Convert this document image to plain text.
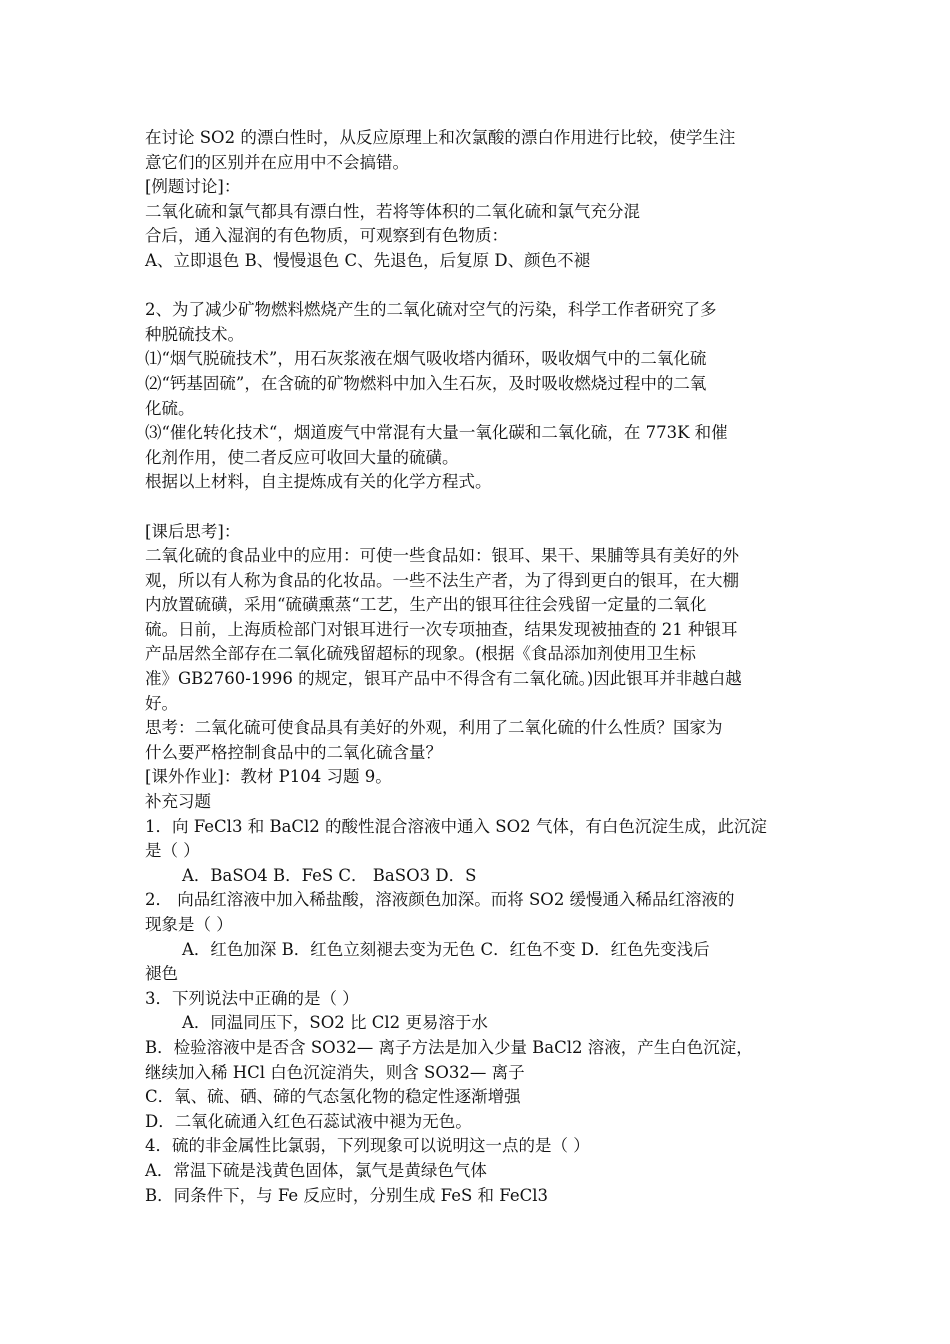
在讨论 SO2 的漂白性时，从反应原理上和次氯酸的漂白作用进行比较，使学生注

意它们的区别并在应用中不会搞错。

[例题讨论]：

二氧化硫和氯气都具有漂白性，若将等体积的二氧化硫和氯气充分混

合后，通入湿润的有色物质，可观察到有色物质：

A、立即退色 B、慢慢退色 C、先退色，后复原 D、颜色不褪

2、为了减少矿物燃料燃烧产生的二氧化硫对空气的污染，科学工作者研究了多

种脱硫技术。

⑴“烟气脱硫技术”，用石灰浆液在烟气吸收塔内循环，吸收烟气中的二氧化硫

⑵“钙基固硫”，在含硫的矿物燃料中加入生石灰，及时吸收燃烧过程中的二氧

化硫。

⑶“催化转化技术“，烟道废气中常混有大量一氧化碳和二氧化硫，在 773K 和催

化剂作用，使二者反应可收回大量的硫磺。

根据以上材料，自主提炼成有关的化学方程式。

[课后思考]：

二氧化硫的食品业中的应用：可使一些食品如：银耳、果干、果脯等具有美好的外

观，所以有人称为食品的化妆品。一些不法生产者，为了得到更白的银耳，在大棚

内放置硫磺，采用“硫磺熏蒸“工艺，生产出的银耳往往会残留一定量的二氧化

硫。日前，上海质检部门对银耳进行一次专项抽查，结果发现被抽查的 21 种银耳

产品居然全部存在二氧化硫残留超标的现象。(根据《食品添加剂使用卫生标

准》GB2760-1996 的规定，银耳产品中不得含有二氧化硫。)因此银耳并非越白越

好。

思考：二氧化硫可使食品具有美好的外观，利用了二氧化硫的什么性质？国家为

什么要严格控制食品中的二氧化硫含量？

[课外作业]：教材 P104 习题 9。

补充习题

1．向 FeCl3 和 BaCl2 的酸性混合溶液中通入 SO2 气体，有白色沉淀生成，此沉淀

是（ ）

A．BaSO4 B．FeS C． BaSO3 D．S

2． 向品红溶液中加入稀盐酸，溶液颜色加深。而将 SO2 缓慢通入稀品红溶液的

现象是（ ）

A．红色加深 B．红色立刻褪去变为无色 C．红色不变 D．红色先变浅后

褪色

3．下列说法中正确的是（ ）

A．同温同压下，SO2 比 Cl2 更易溶于水

B．检验溶液中是否含 SO32— 离子方法是加入少量 BaCl2 溶液，产生白色沉淀，

继续加入稀 HCl 白色沉淀消失，则含 SO32— 离子

C．氧、硫、硒、碲的气态氢化物的稳定性逐渐增强

D．二氧化硫通入红色石蕊试液中褪为无色。

4．硫的非金属性比氯弱，下列现象可以说明这一点的是（ ）

A．常温下硫是浅黄色固体，氯气是黄绿色气体

B．同条件下，与 Fe 反应时，分别生成 FeS 和 FeCl3
